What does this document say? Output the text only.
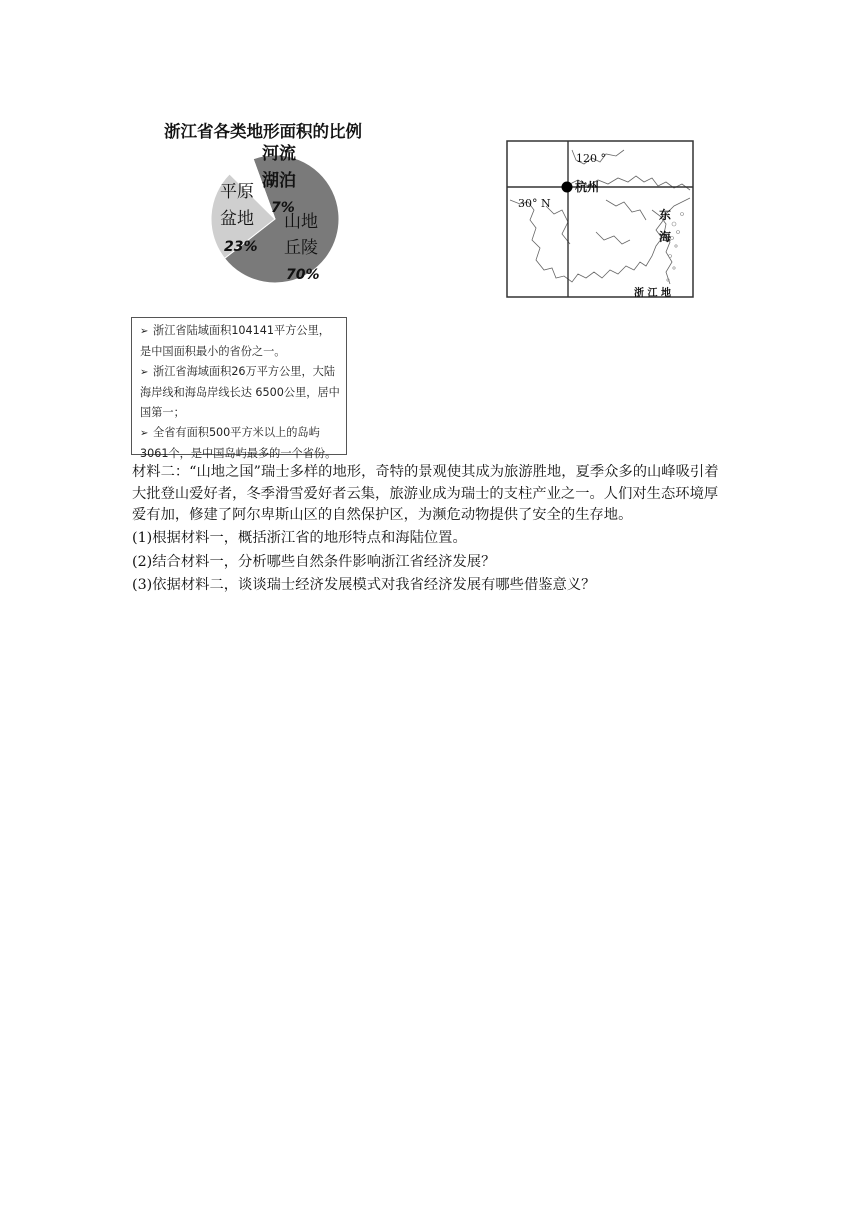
浙江省各类地形面积的比例
河流
湖泊
7%
平原
盆地
23%
山地
丘陵
70%
120 °
30° N
杭州
东
海
浙 江 地

➢ 浙江省陆域面积104141平方公里，是中国面积最小的省份之一。

➢ 浙江省海域面积26万平方公里，大陆海岸线和海岛岸线长达 6500公里，居中国第一；

➢ 全省有面积500平方米以上的岛屿3061个，是中国岛屿最多的一个省份。

材料二：“山地之国”瑞士多样的地形，奇特的景观使其成为旅游胜地，夏季众多的山峰吸引着大批登山爱好者，冬季滑雪爱好者云集，旅游业成为瑞士的支柱产业之一。人们对生态环境厚爱有加，修建了阿尔卑斯山区的自然保护区，为濒危动物提供了安全的生存地。

(1)根据材料一，概括浙江省的地形特点和海陆位置。

(2)结合材料一，分析哪些自然条件影响浙江省经济发展？

(3)依据材料二，谈谈瑞士经济发展模式对我省经济发展有哪些借鉴意义？
